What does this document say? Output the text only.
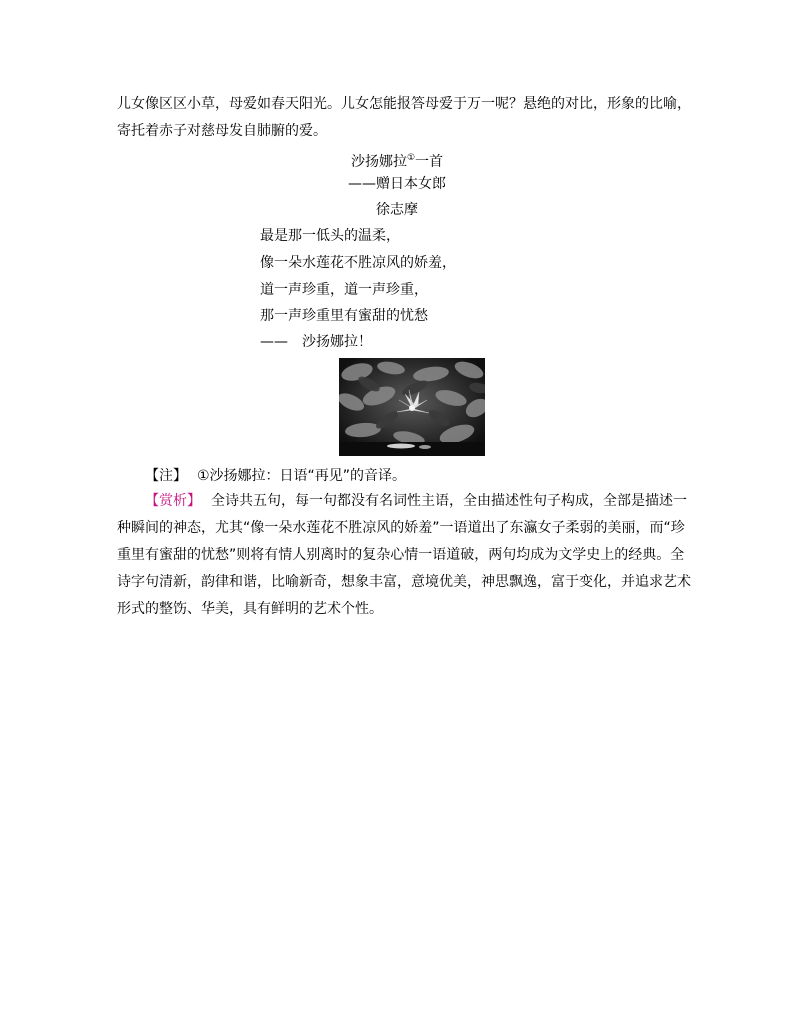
儿女像区区小草，母爱如春天阳光。儿女怎能报答母爱于万一呢？悬绝的对比，形象的比喻，
寄托着赤子对慈母发自肺腑的爱。
沙扬娜拉①一首
——赠日本女郎
徐志摩
最是那一低头的温柔，
像一朵水莲花不胜凉风的娇羞，
道一声珍重，道一声珍重，
那一声珍重里有蜜甜的忧愁
——　沙扬娜拉！
【注】 ①沙扬娜拉：日语“再见”的音译。
【赏析】 全诗共五句，每一句都没有名词性主语，全由描述性句子构成，全部是描述一
种瞬间的神态，尤其“像一朵水莲花不胜凉风的娇羞”一语道出了东瀛女子柔弱的美丽，而“珍
重里有蜜甜的忧愁”则将有情人别离时的复杂心情一语道破，两句均成为文学史上的经典。全
诗字句清新，韵律和谐，比喻新奇，想象丰富，意境优美，神思飘逸，富于变化，并追求艺术
形式的整饬、华美，具有鲜明的艺术个性。
